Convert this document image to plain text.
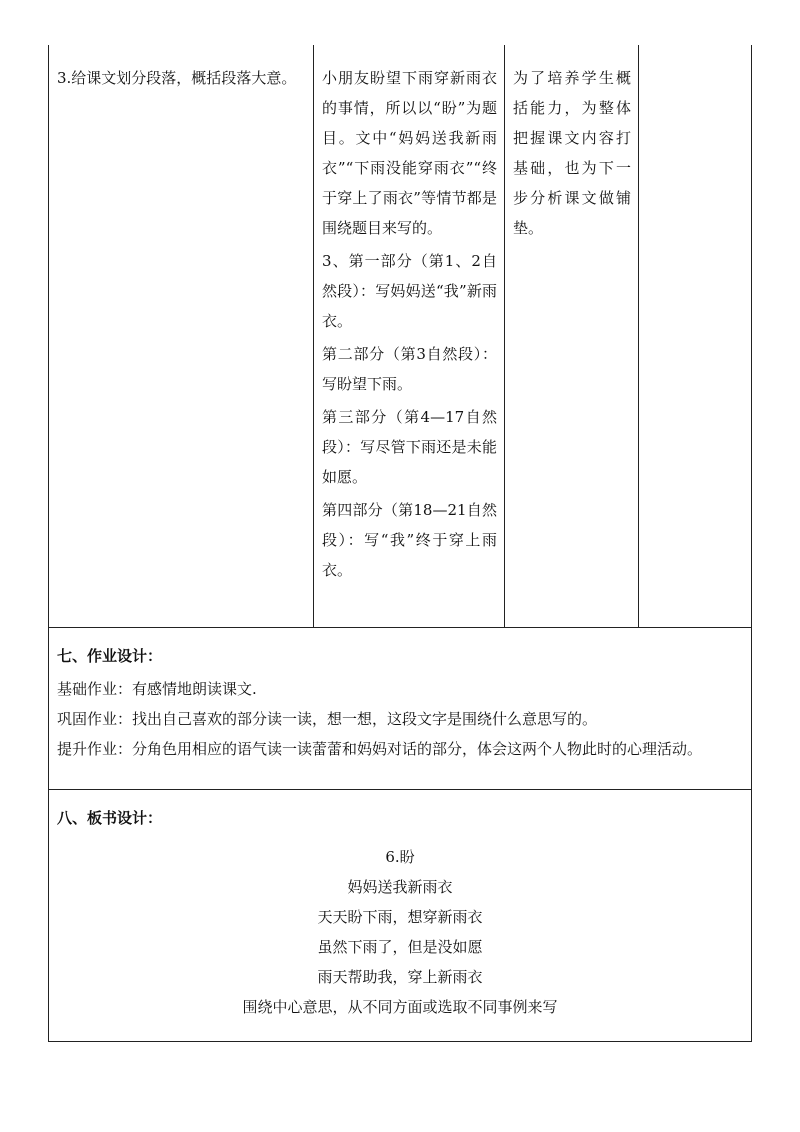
3.给课文划分段落，概括段落大意。	小朋友盼望下雨穿新雨衣的事情，所以以“盼”为题目。文中“妈妈送我新雨衣”“下雨没能穿雨衣”“终于穿上了雨衣”等情节都是围绕题目来写的。

3、第一部分（第1、2自然段）：写妈妈送“我”新雨衣。

第二部分（第3自然段）：写盼望下雨。

第三部分（第4—17自然段）：写尽管下雨还是未能如愿。

第四部分（第18—21自然段）：写“我”终于穿上雨衣。

为了培养学生概括能力，为整体把握课文内容打基础，也为下一步分析课文做铺垫。

七、作业设计：

基础作业：有感情地朗读课文.

巩固作业：找出自己喜欢的部分读一读，想一想，这段文字是围绕什么意思写的。

提升作业：分角色用相应的语气读一读蕾蕾和妈妈对话的部分，体会这两个人物此时的心理活动。

八、板书设计：
6.盼
妈妈送我新雨衣
天天盼下雨，想穿新雨衣
虽然下雨了，但是没如愿
雨天帮助我，穿上新雨衣
围绕中心意思，从不同方面或选取不同事例来写
